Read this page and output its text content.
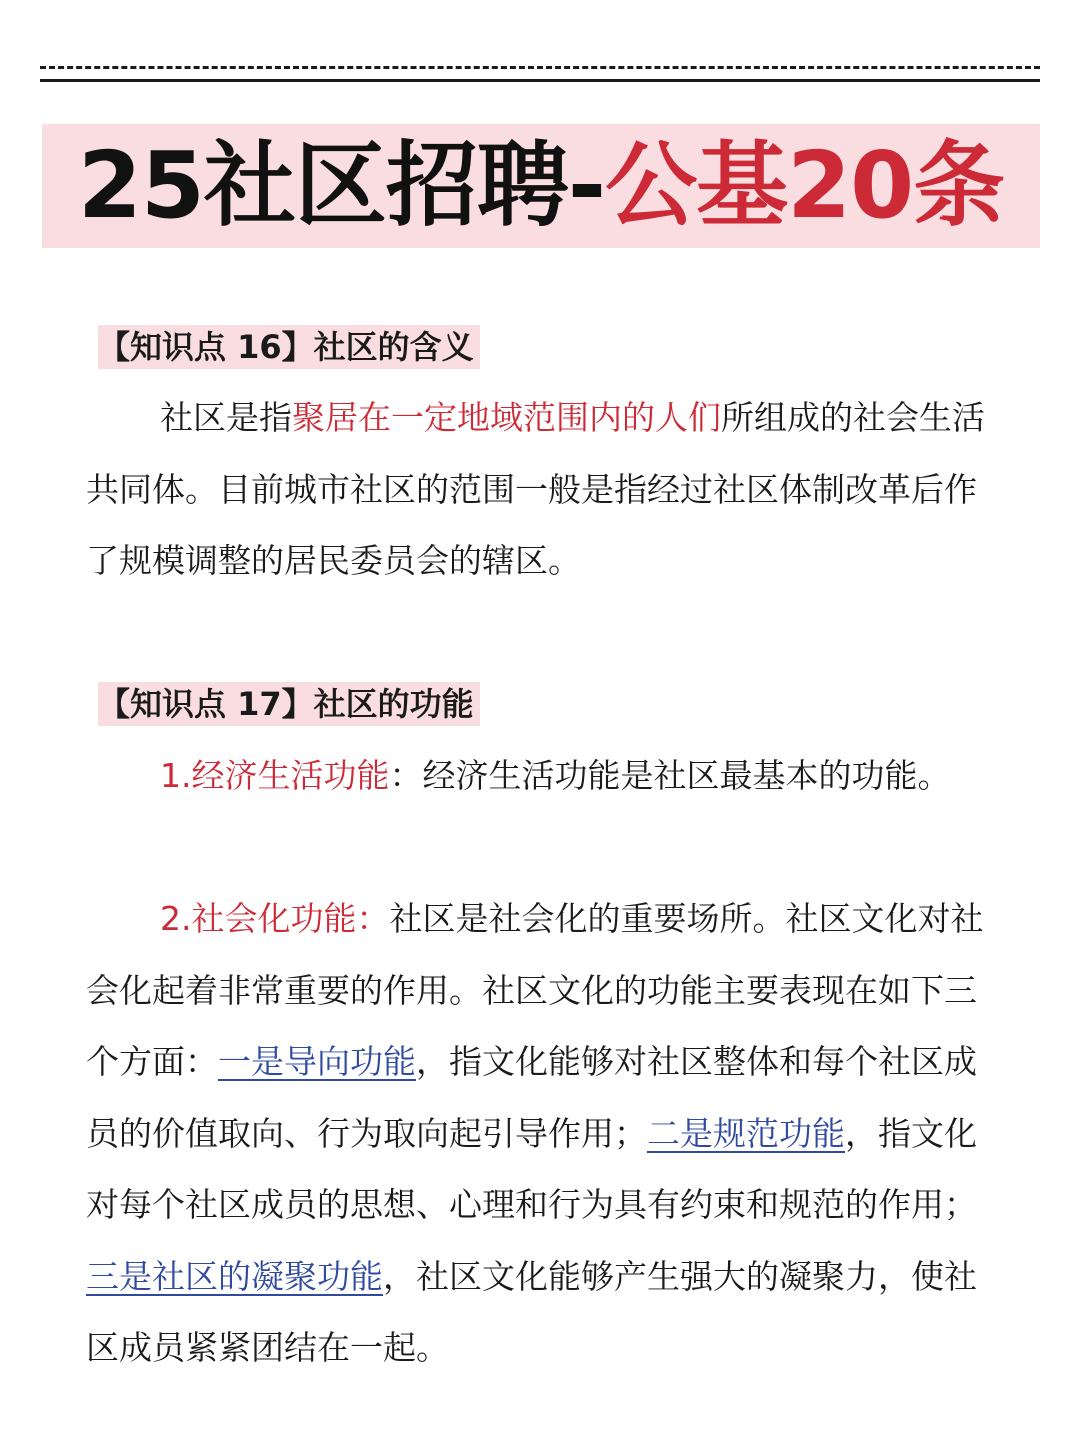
25社区招聘-公基20条
【知识点 16】社区的含义

社区是指聚居在一定地域范围内的人们所组成的社会生活共同体。目前城市社区的范围一般是指经过社区体制改革后作了规模调整的居民委员会的辖区。

【知识点 17】社区的功能

1.经济生活功能：经济生活功能是社区最基本的功能。

2.社会化功能：社区是社会化的重要场所。社区文化对社会化起着非常重要的作用。社区文化的功能主要表现在如下三个方面：一是导向功能，指文化能够对社区整体和每个社区成员的价值取向、行为取向起引导作用；二是规范功能，指文化对每个社区成员的思想、心理和行为具有约束和规范的作用；三是社区的凝聚功能，社区文化能够产生强大的凝聚力，使社区成员紧紧团结在一起。
